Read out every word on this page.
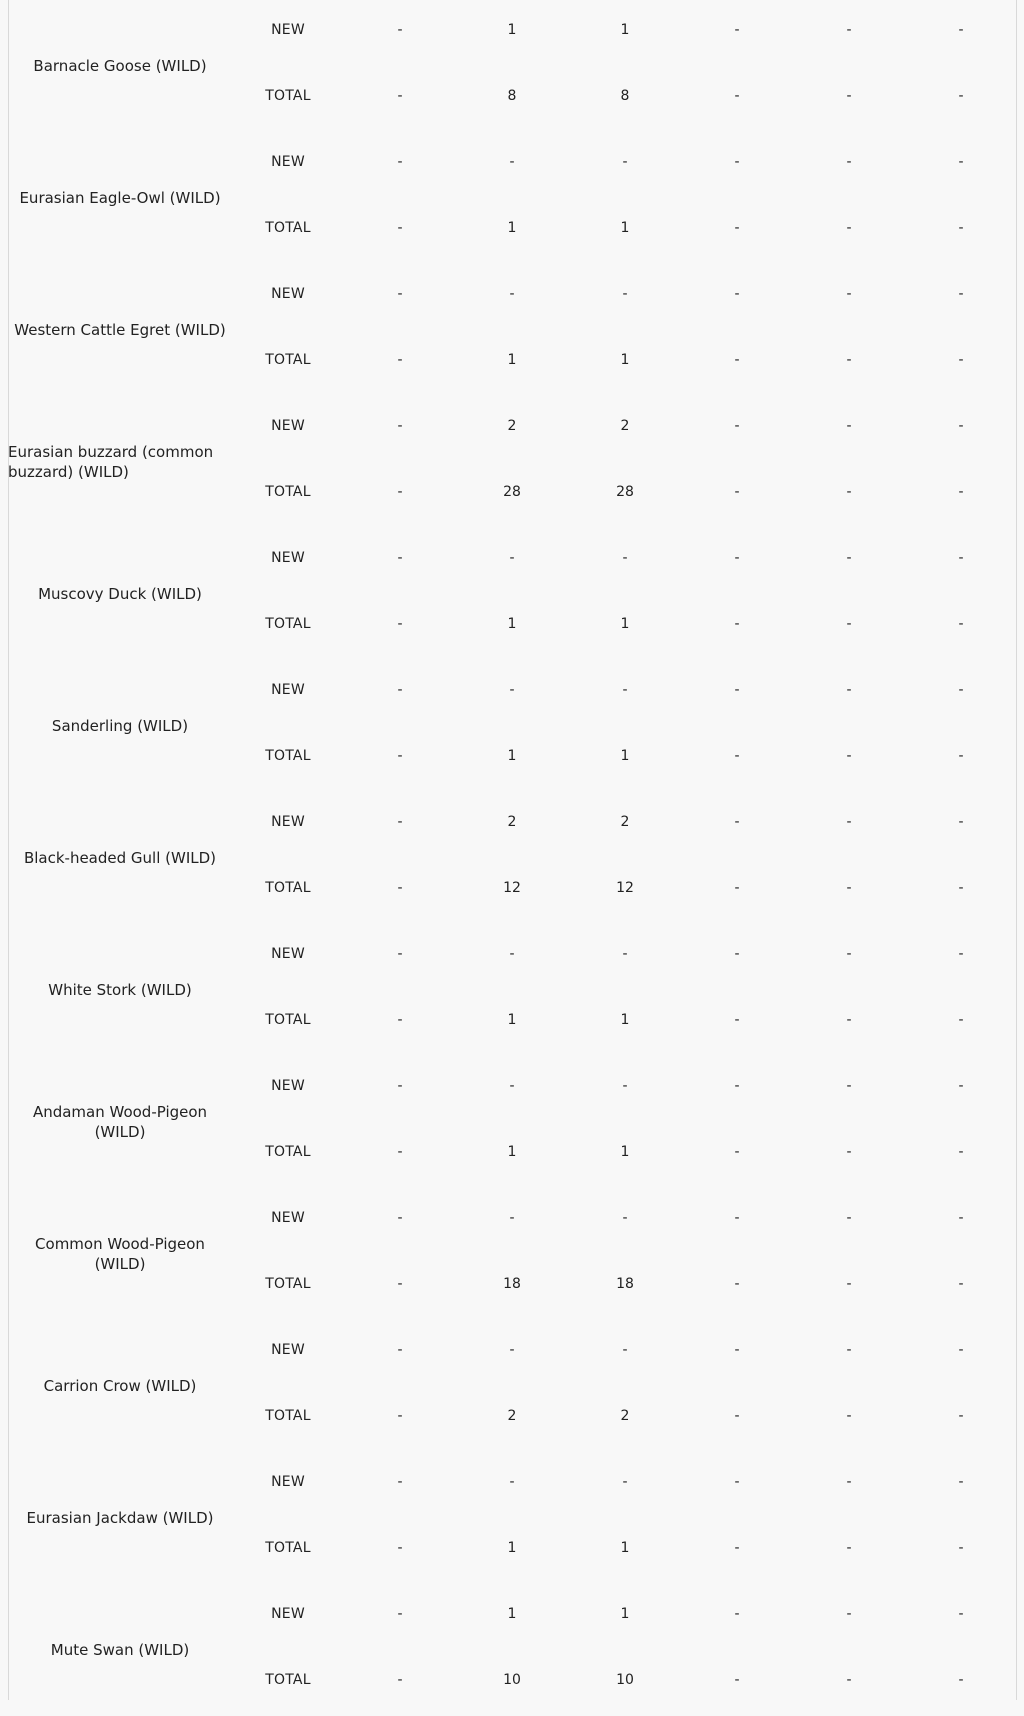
Barnacle Goose (WILD)
NEW	-	1	1	-	-	-
TOTAL	-	8	8	-	-	-
Eurasian Eagle-Owl (WILD)
NEW	-	-	-	-	-	-
TOTAL	-	1	1	-	-	-
Western Cattle Egret (WILD)
NEW	-	-	-	-	-	-
TOTAL	-	1	1	-	-	-
Eurasian buzzard (common buzzard) (WILD)
NEW	-	2	2	-	-	-
TOTAL	-	28	28	-	-	-
Muscovy Duck (WILD)
NEW	-	-	-	-	-	-
TOTAL	-	1	1	-	-	-
Sanderling (WILD)
NEW	-	-	-	-	-	-
TOTAL	-	1	1	-	-	-
Black-headed Gull (WILD)
NEW	-	2	2	-	-	-
TOTAL	-	12	12	-	-	-
White Stork (WILD)
NEW	-	-	-	-	-	-
TOTAL	-	1	1	-	-	-
Andaman Wood-Pigeon (WILD)
NEW	-	-	-	-	-	-
TOTAL	-	1	1	-	-	-
Common Wood-Pigeon (WILD)
NEW	-	-	-	-	-	-
TOTAL	-	18	18	-	-	-
Carrion Crow (WILD)
NEW	-	-	-	-	-	-
TOTAL	-	2	2	-	-	-
Eurasian Jackdaw (WILD)
NEW	-	-	-	-	-	-
TOTAL	-	1	1	-	-	-
Mute Swan (WILD)
NEW	-	1	1	-	-	-
TOTAL	-	10	10	-	-	-
